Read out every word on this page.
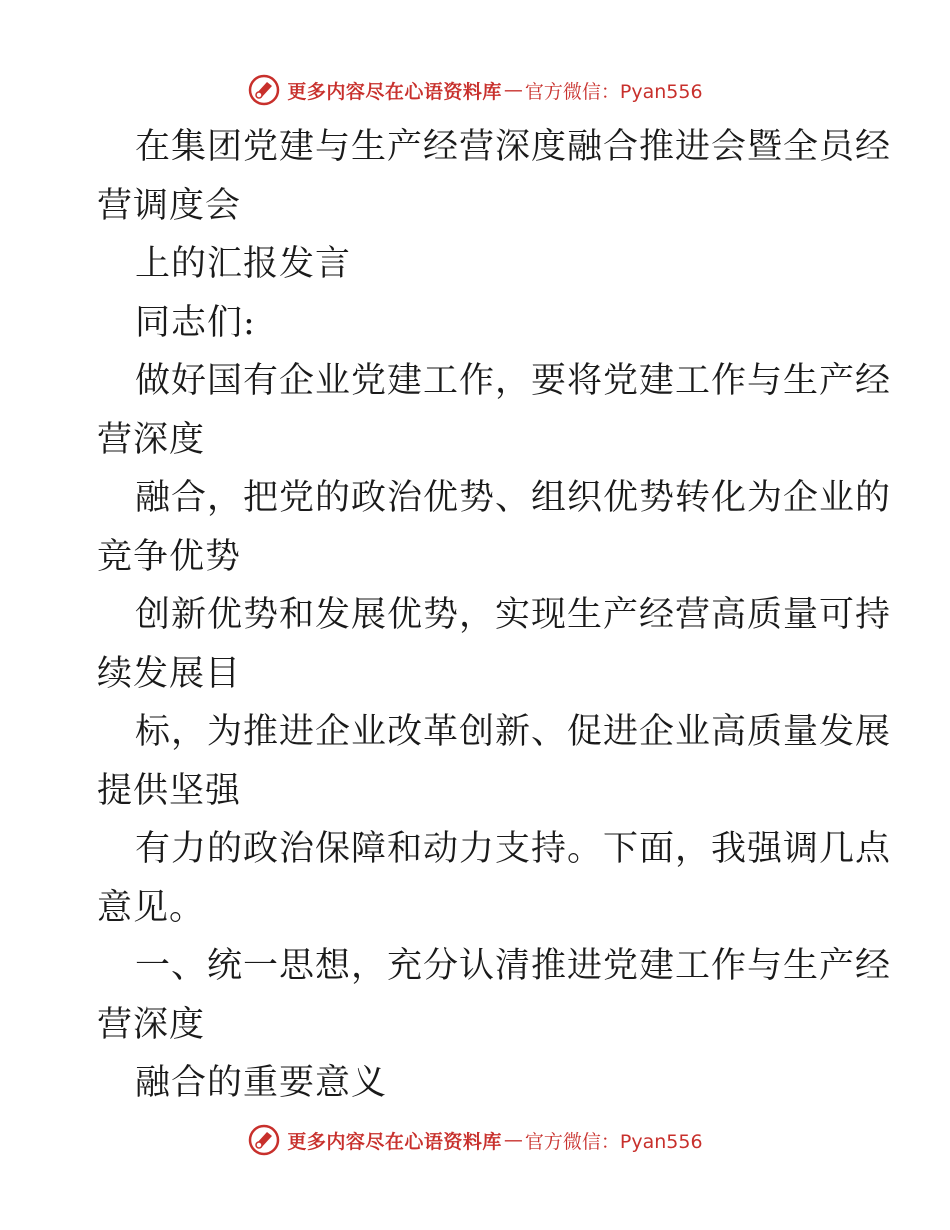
更多内容尽在心语资料库 — 官方微信：Pyan556
在集团党建与生产经营深度融合推进会暨全员经
营调度会
上的汇报发言
同志们:
做好国有企业党建工作，要将党建工作与生产经
营深度
融合，把党的政治优势、组织优势转化为企业的
竞争优势
创新优势和发展优势，实现生产经营高质量可持
续发展目
标，为推进企业改革创新、促进企业高质量发展
提供坚强
有力的政治保障和动力支持。下面，我强调几点
意见。
一、统一思想，充分认清推进党建工作与生产经
营深度
融合的重要意义
更多内容尽在心语资料库 — 官方微信：Pyan556
